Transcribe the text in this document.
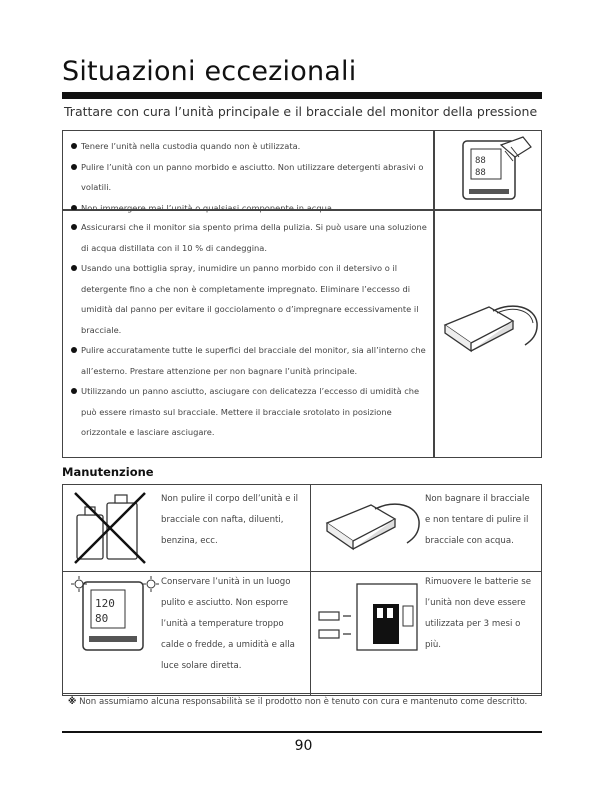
Situazioni eccezionali
Trattare con cura l’unità principale e il bracciale del monitor della pressione
Tenere l’unità nella custodia quando non è utilizzata.
Pulire l’unità con un panno morbido e asciutto. Non utilizzare detergenti abrasivi o volatili.
Non immergere mai l’unità o qualsiasi componente in acqua.
88
88
Assicurarsi che il monitor sia spento prima della pulizia. Si può usare una soluzione di acqua distillata con il 10 % di candeggina.
Usando una bottiglia spray, inumidire un panno morbido con il detersivo o il detergente fino a che non è completamente impregnato. Eliminare l’eccesso di umidità dal panno per evitare il gocciolamento o d’impregnare eccessivamente il bracciale.
Pulire accuratamente tutte le superfici del bracciale del monitor, sia all’interno che all’esterno. Prestare attenzione per non bagnare l’unità principale.
Utilizzando un panno asciutto, asciugare con delicatezza l’eccesso di umidità che può essere rimasto sul bracciale. Mettere il bracciale srotolato in posizione orizzontale e lasciare asciugare.
Manutenzione
Non pulire il corpo dell’unità e il bracciale con nafta, diluenti, benzina, ecc.
Non bagnare il bracciale e non tentare di pulire il bracciale con acqua.
120
80
Conservare l’unità in un luogo pulito e asciutto. Non esporre l’unità a temperature troppo calde o fredde, a umidità e alla luce solare diretta.
Rimuovere le batterie se l’unità non deve essere utilizzata per 3 mesi o più.
※ Non assumiamo alcuna responsabilità se il prodotto non è tenuto con cura e mantenuto come descritto.
90
